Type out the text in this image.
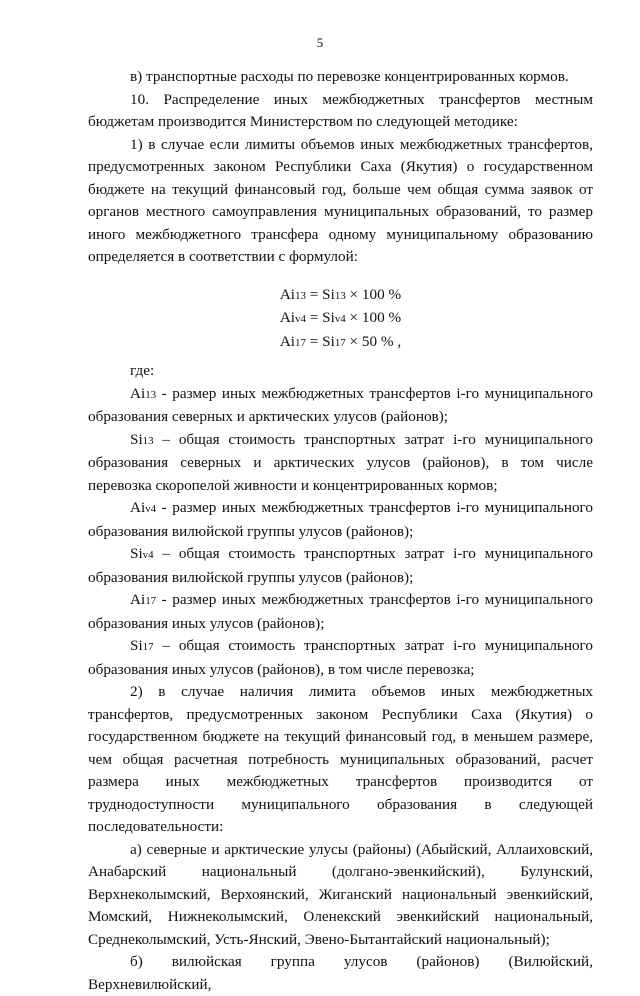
5

в) транспортные расходы по перевозке концентрированных кормов.

10. Распределение иных межбюджетных трансфертов местным бюджетам производится Министерством по следующей методике:

1) в случае если лимиты объемов иных межбюджетных трансфертов, предусмотренных законом Республики Саха (Якутия) о государственном бюджете на текущий финансовый год, больше чем общая сумма заявок от органов местного самоуправления муниципальных образований, то размер иного межбюджетного трансфера одному муниципальному образованию определяется в соответствии с формулой:

Ai13 = Si13 × 100 %
Aiv4 = Siv4 × 100 %
Ai17 = Si17 × 50 % ,

где:

Ai13 - размер иных межбюджетных трансфертов i-го муниципального образования северных и арктических улусов (районов);

Si13 – общая стоимость транспортных затрат i-го муниципального образования северных и арктических улусов (районов), в том числе перевозка скоропелой живности и концентрированных кормов;

Aiv4 - размер иных межбюджетных трансфертов i-го муниципального образования вилюйской группы улусов (районов);

Siv4 – общая стоимость транспортных затрат i-го муниципального образования вилюйской группы улусов (районов);

Ai17 - размер иных межбюджетных трансфертов i-го муниципального образования иных улусов (районов);

Si17 – общая стоимость транспортных затрат i-го муниципального образования иных улусов (районов), в том числе перевозка;

2) в случае наличия лимита объемов иных межбюджетных трансфертов, предусмотренных законом Республики Саха (Якутия) о государственном бюджете на текущий финансовый год, в меньшем размере, чем общая расчетная потребность муниципальных образований, расчет размера иных межбюджетных трансфертов производится от труднодоступности муниципального образования в следующей последовательности:

а) северные и арктические улусы (районы) (Абыйский, Аллаиховский, Анабарский национальный (долгано-эвенкийский), Булунский, Верхнеколымский, Верхоянский, Жиганский национальный эвенкийский, Момский, Нижнеколымский, Оленекский эвенкийский национальный, Среднеколымский, Усть-Янский, Эвено-Бытантайский национальный);

б) вилюйская группа улусов (районов) (Вилюйский, Верхневилюйский,
